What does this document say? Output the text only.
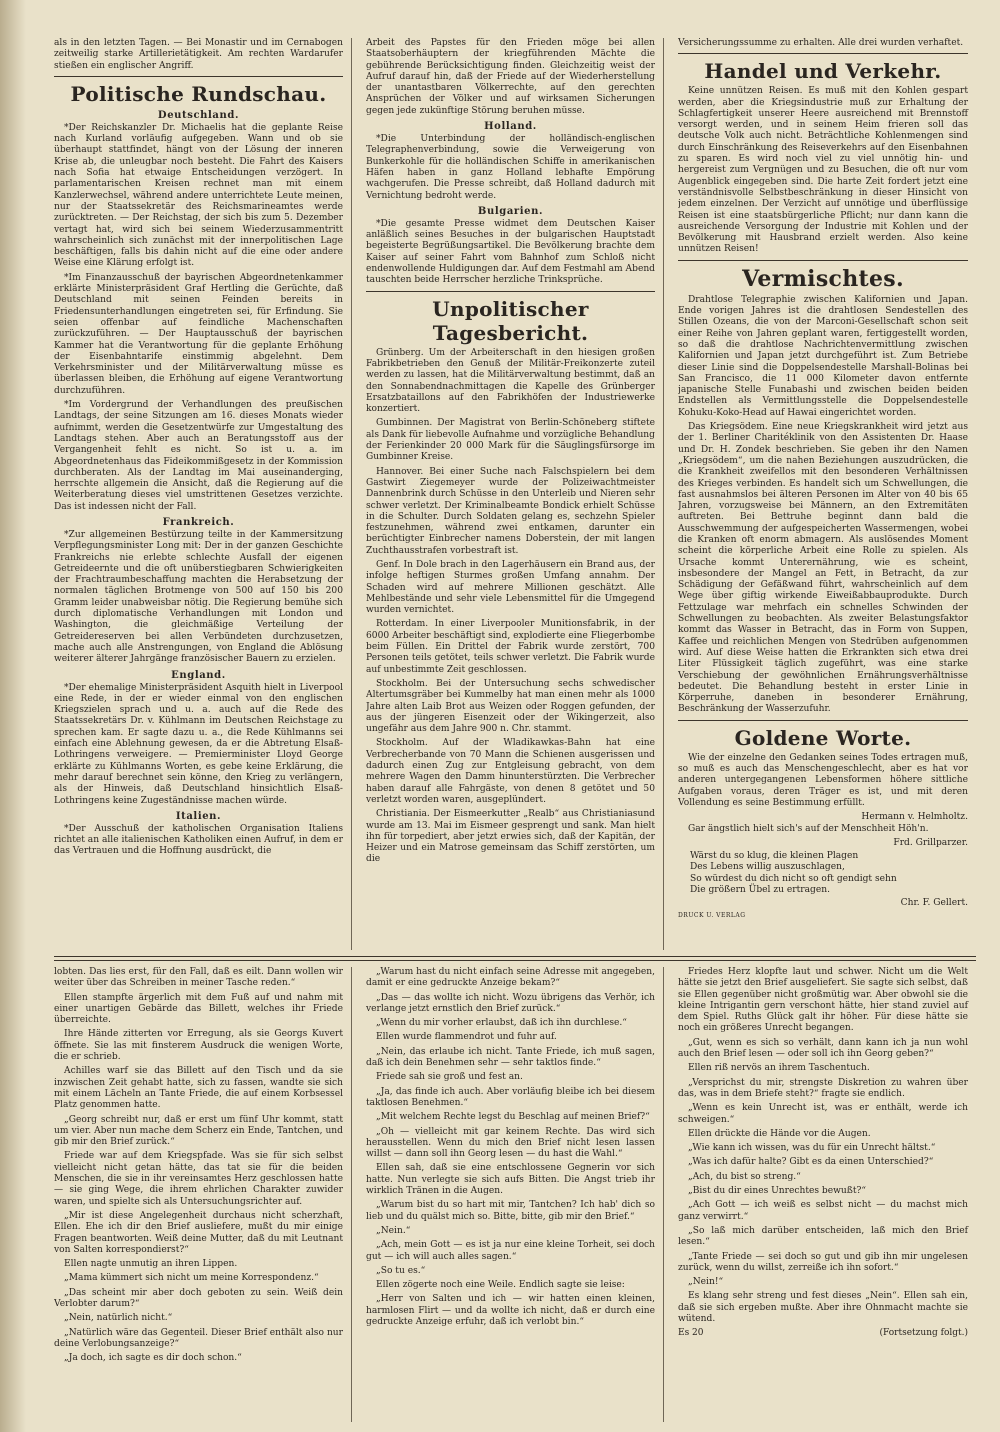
als in den letzten Tagen. — Bei Monastir und im Cernabogen zeitweilig starke Artillerietätigkeit. Am rechten Wardarufer stießen ein englischer Angriff.

Politische Rundschau.
Deutschland.

*Der Reichskanzler Dr. Michaelis hat die geplante Reise nach Kurland vorläufig aufgegeben. Wann und ob sie überhaupt stattfindet, hängt von der Lösung der inneren Krise ab, die unleugbar noch besteht. Die Fahrt des Kaisers nach Sofia hat etwaige Entscheidungen verzögert. In parlamentarischen Kreisen rechnet man mit einem Kanzlerwechsel, während andere unterrichtete Leute meinen, nur der Staatssekretär des Reichsmarineamtes werde zurücktreten. — Der Reichstag, der sich bis zum 5. Dezember vertagt hat, wird sich bei seinem Wiederzusammentritt wahrscheinlich sich zunächst mit der innerpolitischen Lage beschäftigen, falls bis dahin nicht auf die eine oder andere Weise eine Klärung erfolgt ist.

*Im Finanzausschuß der bayrischen Abgeordnetenkammer erklärte Ministerpräsident Graf Hertling die Gerüchte, daß Deutschland mit seinen Feinden bereits in Friedensunterhandlungen eingetreten sei, für Erfindung. Sie seien offenbar auf feindliche Machenschaften zurückzuführen. — Der Hauptausschuß der bayrischen Kammer hat die Verantwortung für die geplante Erhöhung der Eisenbahntarife einstimmig abgelehnt. Dem Verkehrsminister und der Militärverwaltung müsse es überlassen bleiben, die Erhöhung auf eigene Verantwortung durchzuführen.

*Im Vordergrund der Verhandlungen des preußischen Landtags, der seine Sitzungen am 16. dieses Monats wieder aufnimmt, werden die Gesetzentwürfe zur Umgestaltung des Landtags stehen. Aber auch an Beratungsstoff aus der Vergangenheit fehlt es nicht. So ist u. a. im Abgeordnetenhaus das Fideikommißgesetz in der Kommission durchberaten. Als der Landtag im Mai auseinanderging, herrschte allgemein die Ansicht, daß die Regierung auf die Weiterberatung dieses viel umstrittenen Gesetzes verzichte. Das ist indessen nicht der Fall.

Frankreich.

*Zur allgemeinen Bestürzung teilte in der Kammersitzung Verpflegungsminister Long mit: Der in der ganzen Geschichte Frankreichs nie erlebte schlechte Ausfall der eigenen Getreideernte und die oft unüberstiegbaren Schwierigkeiten der Frachtraumbeschaffung machten die Herabsetzung der normalen täglichen Brotmenge von 500 auf 150 bis 200 Gramm leider unabweisbar nötig. Die Regierung bemühe sich durch diplomatische Verhandlungen mit London und Washington, die gleichmäßige Verteilung der Getreidereserven bei allen Verbündeten durchzusetzen, mache auch alle Anstrengungen, von England die Ablösung weiterer älterer Jahrgänge französischer Bauern zu erzielen.

England.

*Der ehemalige Ministerpräsident Asquith hielt in Liverpool eine Rede, in der er wieder einmal von den englischen Kriegszielen sprach und u. a. auch auf die Rede des Staatssekretärs Dr. v. Kühlmann im Deutschen Reichstage zu sprechen kam. Er sagte dazu u. a., die Rede Kühlmanns sei einfach eine Ablehnung gewesen, da er die Abtretung Elsaß-Lothringens verweigere. — Premierminister Lloyd George erklärte zu Kühlmanns Worten, es gebe keine Erklärung, die mehr darauf berechnet sein könne, den Krieg zu verlängern, als der Hinweis, daß Deutschland hinsichtlich Elsaß-Lothringens keine Zugeständnisse machen würde.

Italien.

*Der Ausschuß der katholischen Organisation Italiens richtet an alle italienischen Katholiken einen Aufruf, in dem er das Vertrauen und die Hoffnung ausdrückt, die

Arbeit des Papstes für den Frieden möge bei allen Staatsoberhäuptern der kriegführenden Mächte die gebührende Berücksichtigung finden. Gleichzeitig weist der Aufruf darauf hin, daß der Friede auf der Wiederherstellung der unantastbaren Völkerrechte, auf den gerechten Ansprüchen der Völker und auf wirksamen Sicherungen gegen jede zukünftige Störung beruhen müsse.

Holland.

*Die Unterbindung der holländisch-englischen Telegraphenverbindung, sowie die Verweigerung von Bunkerkohle für die holländischen Schiffe in amerikanischen Häfen haben in ganz Holland lebhafte Empörung wachgerufen. Die Presse schreibt, daß Holland dadurch mit Vernichtung bedroht werde.

Bulgarien.

*Die gesamte Presse widmet dem Deutschen Kaiser anläßlich seines Besuches in der bulgarischen Hauptstadt begeisterte Begrüßungsartikel. Die Bevölkerung brachte dem Kaiser auf seiner Fahrt vom Bahnhof zum Schloß nicht endenwollende Huldigungen dar. Auf dem Festmahl am Abend tauschten beide Herrscher herzliche Trinksprüche.

Unpolitischer Tagesbericht.

Grünberg. Um der Arbeiterschaft in den hiesigen großen Fabrikbetrieben den Genuß der Militär-Freikonzerte zuteil werden zu lassen, hat die Militärverwaltung bestimmt, daß an den Sonnabendnachmittagen die Kapelle des Grünberger Ersatzbataillons auf den Fabrikhöfen der Industriewerke konzertiert.

Gumbinnen. Der Magistrat von Berlin-Schöneberg stiftete als Dank für liebevolle Aufnahme und vorzügliche Behandlung der Ferienkinder 20 000 Mark für die Säuglingsfürsorge im Gumbinner Kreise.

Hannover. Bei einer Suche nach Falschspielern bei dem Gastwirt Ziegemeyer wurde der Polizeiwachtmeister Dannenbrink durch Schüsse in den Unterleib und Nieren sehr schwer verletzt. Der Kriminalbeamte Bondick erhielt Schüsse in die Schulter. Durch Soldaten gelang es, sechzehn Spieler festzunehmen, während zwei entkamen, darunter ein berüchtigter Einbrecher namens Doberstein, der mit langen Zuchthausstrafen vorbestraft ist.

Genf. In Dole brach in den Lagerhäusern ein Brand aus, der infolge heftigen Sturmes großen Umfang annahm. Der Schaden wird auf mehrere Millionen geschätzt. Alle Mehlbestände und sehr viele Lebensmittel für die Umgegend wurden vernichtet.

Rotterdam. In einer Liverpooler Munitionsfabrik, in der 6000 Arbeiter beschäftigt sind, explodierte eine Fliegerbombe beim Füllen. Ein Drittel der Fabrik wurde zerstört, 700 Personen teils getötet, teils schwer verletzt. Die Fabrik wurde auf unbestimmte Zeit geschlossen.

Stockholm. Bei der Untersuchung sechs schwedischer Altertumsgräber bei Kummelby hat man einen mehr als 1000 Jahre alten Laib Brot aus Weizen oder Roggen gefunden, der aus der jüngeren Eisenzeit oder der Wikingerzeit, also ungefähr aus dem Jahre 900 n. Chr. stammt.

Stockholm. Auf der Wladikawkas-Bahn hat eine Verbrecherbande von 70 Mann die Schienen ausgerissen und dadurch einen Zug zur Entgleisung gebracht, von dem mehrere Wagen den Damm hinunterstürzten. Die Verbrecher haben darauf alle Fahrgäste, von denen 8 getötet und 50 verletzt worden waren, ausgeplündert.

Christiania. Der Eismeerkutter „Realb“ aus Christianiasund wurde am 13. Mai im Eismeer gesprengt und sank. Man hielt ihn für torpediert, aber jetzt erwies sich, daß der Kapitän, der Heizer und ein Matrose gemeinsam das Schiff zerstörten, um die

Versicherungssumme zu erhalten. Alle drei wurden verhaftet.

Handel und Verkehr.

Keine unnützen Reisen. Es muß mit den Kohlen gespart werden, aber die Kriegsindustrie muß zur Erhaltung der Schlagfertigkeit unserer Heere ausreichend mit Brennstoff versorgt werden, und in seinem Heim frieren soll das deutsche Volk auch nicht. Beträchtliche Kohlenmengen sind durch Einschränkung des Reiseverkehrs auf den Eisenbahnen zu sparen. Es wird noch viel zu viel unnötig hin- und hergereist zum Vergnügen und zu Besuchen, die oft nur vom Augenblick eingegeben sind. Die harte Zeit fordert jetzt eine verständnisvolle Selbstbeschränkung in dieser Hinsicht von jedem einzelnen. Der Verzicht auf unnötige und überflüssige Reisen ist eine staatsbürgerliche Pflicht; nur dann kann die ausreichende Versorgung der Industrie mit Kohlen und der Bevölkerung mit Hausbrand erzielt werden. Also keine unnützen Reisen!

Vermischtes.

Drahtlose Telegraphie zwischen Kalifornien und Japan. Ende vorigen Jahres ist die drahtlosen Sendestellen des Stillen Ozeans, die von der Marconi-Gesellschaft schon seit einer Reihe von Jahren geplant waren, fertiggestellt worden, so daß die drahtlose Nachrichtenvermittlung zwischen Kalifornien und Japan jetzt durchgeführt ist. Zum Betriebe dieser Linie sind die Doppelsendestelle Marshall-Bolinas bei San Francisco, die 11 000 Kilometer davon entfernte japanische Stelle Funabashi und zwischen beiden beiden Endstellen als Vermittlungsstelle die Doppelsendestelle Kohuku-Koko-Head auf Hawai eingerichtet worden.

Das Kriegsödem. Eine neue Kriegskrankheit wird jetzt aus der 1. Berliner Charitéklinik von den Assistenten Dr. Haase und Dr. H. Zondek beschrieben. Sie geben ihr den Namen „Kriegsödem“, um die nahen Beziehungen auszudrücken, die die Krankheit zweifellos mit den besonderen Verhältnissen des Krieges verbinden. Es handelt sich um Schwellungen, die fast ausnahmslos bei älteren Personen im Alter von 40 bis 65 Jahren, vorzugsweise bei Männern, an den Extremitäten auftreten. Bei Bettruhe beginnt dann bald die Ausschwemmung der aufgespeicherten Wassermengen, wobei die Kranken oft enorm abmagern. Als auslösendes Moment scheint die körperliche Arbeit eine Rolle zu spielen. Als Ursache kommt Unterernährung, wie es scheint, insbesondere der Mangel an Fett, in Betracht, da zur Schädigung der Gefäßwand führt, wahrscheinlich auf dem Wege über giftig wirkende Eiweißabbauprodukte. Durch Fettzulage war mehrfach ein schnelles Schwinden der Schwellungen zu beobachten. Als zweiter Belastungsfaktor kommt das Wasser in Betracht, das in Form von Suppen, Kaffee und reichlichen Mengen von Stedrüben aufgenommen wird. Auf diese Weise hatten die Erkrankten sich etwa drei Liter Flüssigkeit täglich zugeführt, was eine starke Verschiebung der gewöhnlichen Ernährungsverhältnisse bedeutet. Die Behandlung besteht in erster Linie in Körperruhe, daneben in besonderer Ernährung, Beschränkung der Wasserzufuhr.

Goldene Worte.

Wie der einzelne den Gedanken seines Todes ertragen muß, so muß es auch das Menschengeschlecht, aber es hat vor anderen untergegangenen Lebensformen höhere sittliche Aufgaben voraus, deren Träger es ist, und mit deren Vollendung es seine Bestimmung erfüllt.

Hermann v. Helmholtz.

Gar ängstlich hielt sich's auf der Menschheit Höh'n.

Frd. Grillparzer.
Wärst du so klug, die kleinen Plagen
Des Lebens willig auszuschlagen,
So würdest du dich nicht so oft gendigt sehn
Die größern Übel zu ertragen.
Chr. F. Gellert.
DRUCK U. VERLAG

lobten. Das lies erst, für den Fall, daß es eilt. Dann wollen wir weiter über das Schreiben in meiner Tasche reden.“

Ellen stampfte ärgerlich mit dem Fuß auf und nahm mit einer unartigen Gebärde das Billett, welches ihr Friede überreichte.

Ihre Hände zitterten vor Erregung, als sie Georgs Kuvert öffnete. Sie las mit finsterem Ausdruck die wenigen Worte, die er schrieb.

Achilles warf sie das Billett auf den Tisch und da sie inzwischen Zeit gehabt hatte, sich zu fassen, wandte sie sich mit einem Lächeln an Tante Friede, die auf einem Korbsessel Platz genommen hatte.

„Georg schreibt nur, daß er erst um fünf Uhr kommt, statt um vier. Aber nun mache dem Scherz ein Ende, Tantchen, und gib mir den Brief zurück.“

Friede war auf dem Kriegspfade. Was sie für sich selbst vielleicht nicht getan hätte, das tat sie für die beiden Menschen, die sie in ihr vereinsamtes Herz geschlossen hatte — sie ging Wege, die ihrem ehrlichen Charakter zuwider waren, und spielte sich als Untersuchungsrichter auf.

„Mir ist diese Angelegenheit durchaus nicht scherzhaft, Ellen. Ehe ich dir den Brief ausliefere, mußt du mir einige Fragen beantworten. Weiß deine Mutter, daß du mit Leutnant von Salten korrespondierst?“

Ellen nagte unmutig an ihren Lippen.

„Mama kümmert sich nicht um meine Korrespondenz.“

„Das scheint mir aber doch geboten zu sein. Weiß dein Verlobter darum?“

„Nein, natürlich nicht.“

„Natürlich wäre das Gegenteil. Dieser Brief enthält also nur deine Verlobungsanzeige?“

„Ja doch, ich sagte es dir doch schon.“

„Warum hast du nicht einfach seine Adresse mit angegeben, damit er eine gedruckte Anzeige bekam?“

„Das — das wollte ich nicht. Wozu übrigens das Verhör, ich verlange jetzt ernstlich den Brief zurück.“

„Wenn du mir vorher erlaubst, daß ich ihn durchlese.“

Ellen wurde flammendrot und fuhr auf.

„Nein, das erlaube ich nicht. Tante Friede, ich muß sagen, daß ich dein Benehmen sehr — sehr taktlos finde.“

Friede sah sie groß und fest an.

„Ja, das finde ich auch. Aber vorläufig bleibe ich bei diesem taktlosen Benehmen.“

„Mit welchem Rechte legst du Beschlag auf meinen Brief?“

„Oh — vielleicht mit gar keinem Rechte. Das wird sich herausstellen. Wenn du mich den Brief nicht lesen lassen willst — dann soll ihn Georg lesen — du hast die Wahl.“

Ellen sah, daß sie eine entschlossene Gegnerin vor sich hatte. Nun verlegte sie sich aufs Bitten. Die Angst trieb ihr wirklich Tränen in die Augen.

„Warum bist du so hart mit mir, Tantchen? Ich hab' dich so lieb und du quälst mich so. Bitte, bitte, gib mir den Brief.“

„Nein.“

„Ach, mein Gott — es ist ja nur eine kleine Torheit, sei doch gut — ich will auch alles sagen.“

„So tu es.“

Ellen zögerte noch eine Weile. Endlich sagte sie leise:

„Herr von Salten und ich — wir hatten einen kleinen, harmlosen Flirt — und da wollte ich nicht, daß er durch eine gedruckte Anzeige erfuhr, daß ich verlobt bin.“

Friedes Herz klopfte laut und schwer. Nicht um die Welt hätte sie jetzt den Brief ausgeliefert. Sie sagte sich selbst, daß sie Ellen gegenüber nicht großmütig war. Aber obwohl sie die kleine Intrigantin gern verschont hätte, hier stand zuviel auf dem Spiel. Ruths Glück galt ihr höher. Für diese hätte sie noch ein größeres Unrecht begangen.

„Gut, wenn es sich so verhält, dann kann ich ja nun wohl auch den Brief lesen — oder soll ich ihn Georg geben?“

Ellen riß nervös an ihrem Taschentuch.

„Versprichst du mir, strengste Diskretion zu wahren über das, was in dem Briefe steht?“ fragte sie endlich.

„Wenn es kein Unrecht ist, was er enthält, werde ich schweigen.“

Ellen drückte die Hände vor die Augen.

„Wie kann ich wissen, was du für ein Unrecht hältst.“

„Was ich dafür halte? Gibt es da einen Unterschied?“

„Ach, du bist so streng.“

„Bist du dir eines Unrechtes bewußt?“

„Ach Gott — ich weiß es selbst nicht — du machst mich ganz verwirrt.“

„So laß mich darüber entscheiden, laß mich den Brief lesen.“

„Tante Friede — sei doch so gut und gib ihn mir ungelesen zurück, wenn du willst, zerreiße ich ihn sofort.“

„Nein!“

Es klang sehr streng und fest dieses „Nein“. Ellen sah ein, daß sie sich ergeben mußte. Aber ihre Ohnmacht machte sie wütend.

Es 20	(Fortsetzung folgt.)
